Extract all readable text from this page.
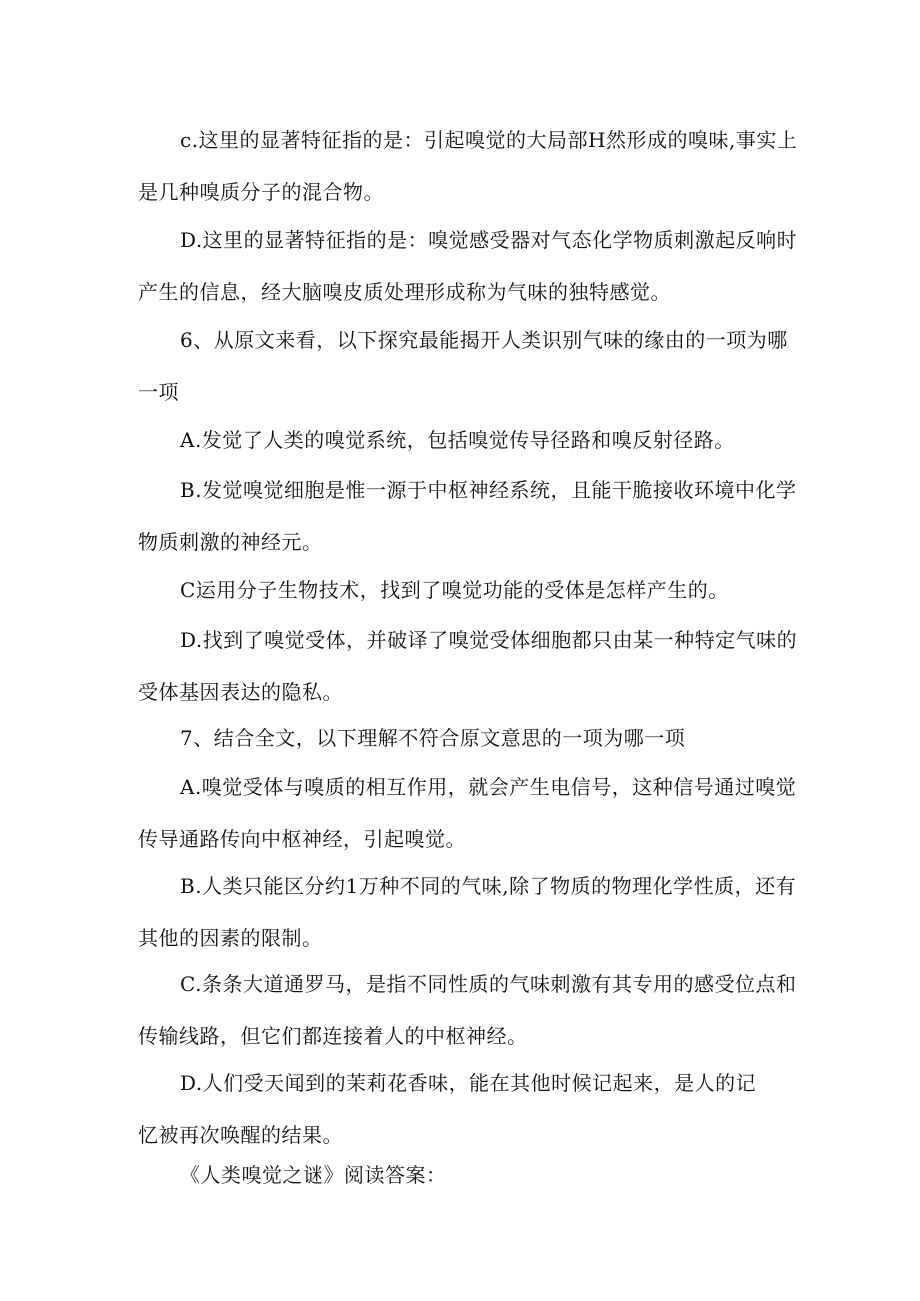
c.这里的显著特征指的是：引起嗅觉的大局部H然形成的嗅味,事实上
是几种嗅质分子的混合物。

D.这里的显著特征指的是：嗅觉感受器对气态化学物质刺激起反响时
产生的信息，经大脑嗅皮质处理形成称为气味的独特感觉。

6、从原文来看，以下探究最能揭开人类识别气味的缘由的一项为哪
一项

A.发觉了人类的嗅觉系统，包括嗅觉传导径路和嗅反射径路。

B.发觉嗅觉细胞是惟一源于中枢神经系统，且能干脆接收环境中化学
物质刺激的神经元。

C运用分子生物技术，找到了嗅觉功能的受体是怎样产生的。

D.找到了嗅觉受体，并破译了嗅觉受体细胞都只由某一种特定气味的
受体基因表达的隐私。

7、结合全文，以下理解不符合原文意思的一项为哪一项

A.嗅觉受体与嗅质的相互作用，就会产生电信号，这种信号通过嗅觉
传导通路传向中枢神经，引起嗅觉。

B.人类只能区分约1万种不同的气味,除了物质的物理化学性质，还有
其他的因素的限制。

C.条条大道通罗马，是指不同性质的气味刺激有其专用的感受位点和
传输线路，但它们都连接着人的中枢神经。

D.人们受天闻到的茉莉花香味，能在其他时候记起来，是人的记
忆被再次唤醒的结果。

《人类嗅觉之谜》阅读答案：
